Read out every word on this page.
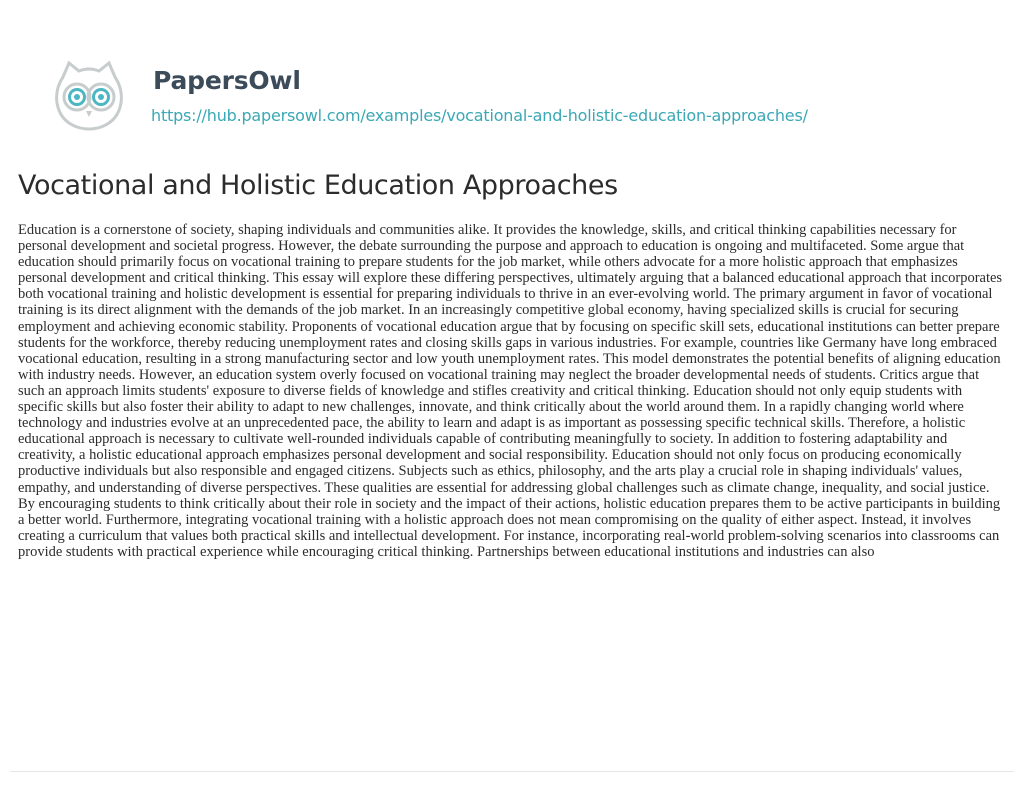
PapersOwl
https://hub.papersowl.com/examples/vocational-and-holistic-education-approaches/
Vocational and Holistic Education Approaches

Education is a cornerstone of society, shaping individuals and communities alike. It provides the knowledge, skills, and critical thinking capabilities necessary for personal development and societal progress. However, the debate surrounding the purpose and approach to education is ongoing and multifaceted. Some argue that education should primarily focus on vocational training to prepare students for the job market, while others advocate for a more holistic approach that emphasizes personal development and critical thinking. This essay will explore these differing perspectives, ultimately arguing that a balanced educational approach that incorporates both vocational training and holistic development is essential for preparing individuals to thrive in an ever-evolving world. The primary argument in favor of vocational training is its direct alignment with the demands of the job market. In an increasingly competitive global economy, having specialized skills is crucial for securing employment and achieving economic stability. Proponents of vocational education argue that by focusing on specific skill sets, educational institutions can better prepare students for the workforce, thereby reducing unemployment rates and closing skills gaps in various industries. For example, countries like Germany have long embraced vocational education, resulting in a strong manufacturing sector and low youth unemployment rates. This model demonstrates the potential benefits of aligning education with industry needs. However, an education system overly focused on vocational training may neglect the broader developmental needs of students. Critics argue that such an approach limits students' exposure to diverse fields of knowledge and stifles creativity and critical thinking. Education should not only equip students with specific skills but also foster their ability to adapt to new challenges, innovate, and think critically about the world around them. In a rapidly changing world where technology and industries evolve at an unprecedented pace, the ability to learn and adapt is as important as possessing specific technical skills. Therefore, a holistic educational approach is necessary to cultivate well-rounded individuals capable of contributing meaningfully to society. In addition to fostering adaptability and creativity, a holistic educational approach emphasizes personal development and social responsibility. Education should not only focus on producing economically productive individuals but also responsible and engaged citizens. Subjects such as ethics, philosophy, and the arts play a crucial role in shaping individuals' values, empathy, and understanding of diverse perspectives. These qualities are essential for addressing global challenges such as climate change, inequality, and social justice. By encouraging students to think critically about their role in society and the impact of their actions, holistic education prepares them to be active participants in building a better world. Furthermore, integrating vocational training with a holistic approach does not mean compromising on the quality of either aspect. Instead, it involves creating a curriculum that values both practical skills and intellectual development. For instance, incorporating real-world problem-solving scenarios into classrooms can provide students with practical experience while encouraging critical thinking. Partnerships between educational institutions and industries can also
